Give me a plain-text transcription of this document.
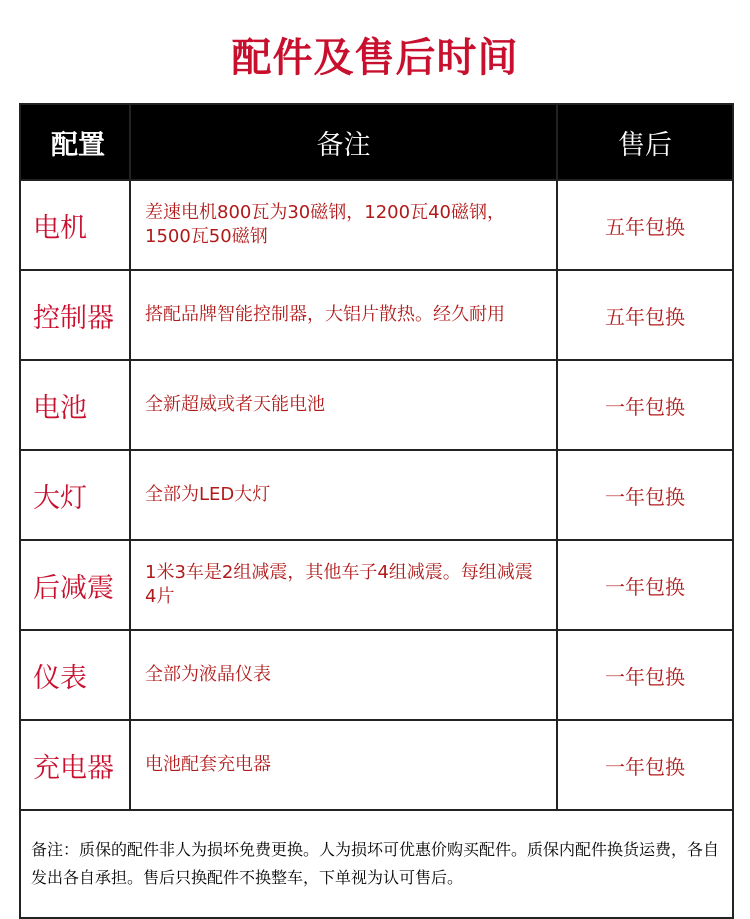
配件及售后时间
配置	备注	售后
电机	差速电机800瓦为30磁钢，1200瓦40磁钢，1500瓦50磁钢	五年包换
控制器	搭配品牌智能控制器，大铝片散热。经久耐用	五年包换
电池	全新超威或者天能电池	一年包换
大灯	全部为LED大灯	一年包换
后减震	1米3车是2组减震，其他车子4组减震。每组减震4片	一年包换
仪表	全部为液晶仪表	一年包换
充电器	电池配套充电器	一年包换
备注：质保的配件非人为损坏免费更换。人为损坏可优惠价购买配件。质保内配件换货运费，各自发出各自承担。售后只换配件不换整车，下单视为认可售后。		
